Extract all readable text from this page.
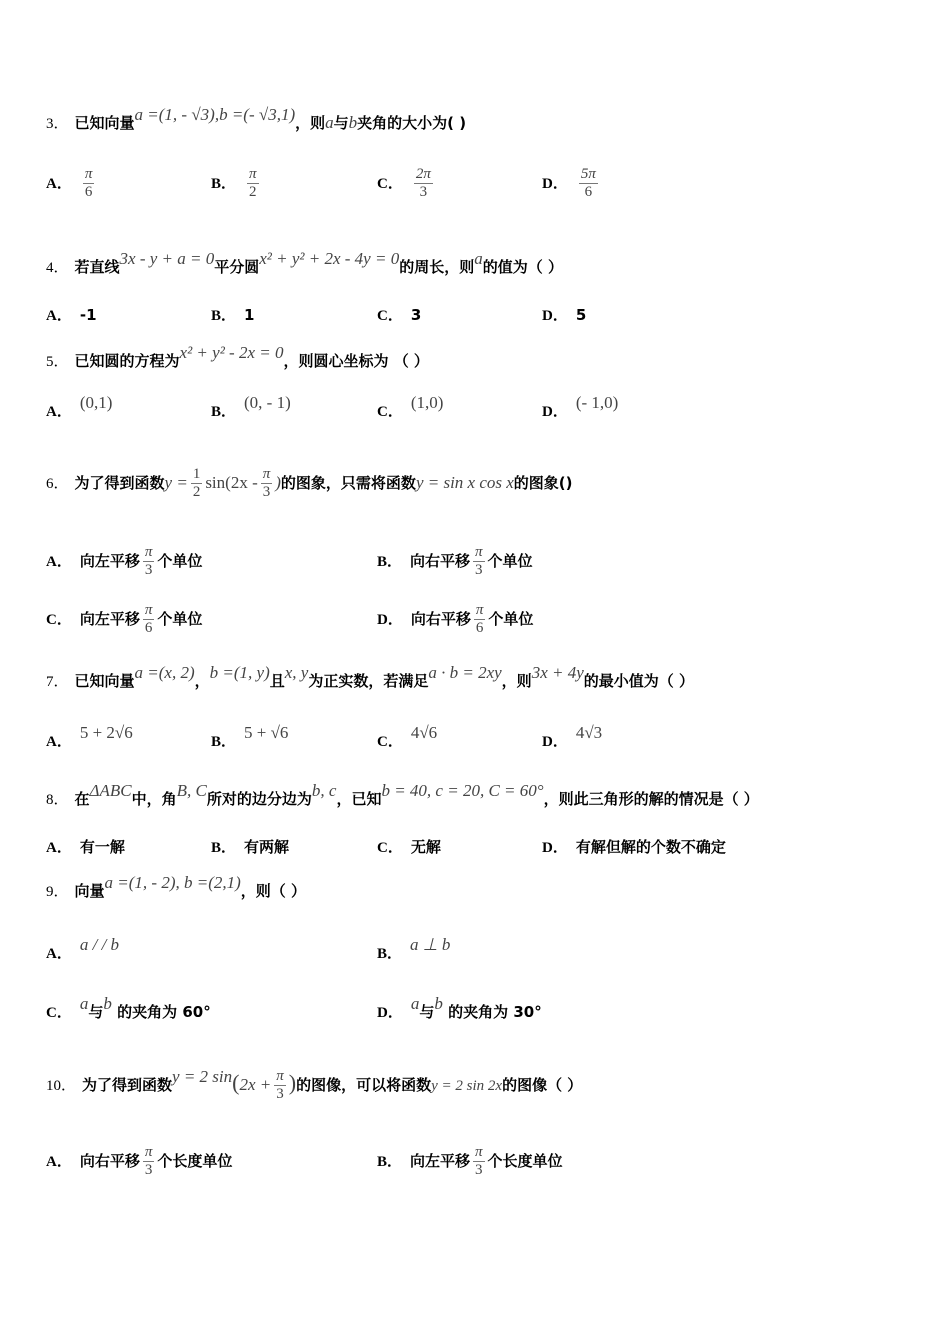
3． 已知向量a =(1, - √3),b =(- √3,1)，则a与b夹角的大小为( )
A． $\frac{\pi}{6}$	B． $\frac{\pi}{2}$	C． $\frac{2\pi}{3}$	D． $\frac{5\pi}{6}$
4． 若直线3x - y + a = 0平分圆x² + y² + 2x - 4y = 0的周长，则a的值为（ ）
A． -1	B． 1	C． 3	D． 5
5． 已知圆的方程为x² + y² - 2x = 0，则圆心坐标为 （ ）
A． (0,1)	B． (0, - 1)	C． (1,0)	D． (- 1,0)
6． 为了得到函数$y = \frac{1}{2} \sin(2x - \frac{\pi}{3}$ )的图象，只需将函数y = sin x cos x的图象()
A． 向左平移 $\frac{\pi}{3}$ 个单位	B． 向右平移 $\frac{\pi}{3}$ 个单位
C． 向左平移 $\frac{\pi}{6}$ 个单位	D． 向右平移 $\frac{\pi}{6}$ 个单位
7． 已知向量a =(x, 2)，b =(1, y)且x, y为正实数，若满足a · b = 2xy，则3x + 4y的最小值为（ ）
A． 5 + 2√6	B． 5 + √6	C． 4√6	D． 4√3
8． 在ΔABC中，角B, C所对的边分边为b, c，已知b = 40, c = 20, C = 60°，则此三角形的解的情况是（ ）
A． 有一解	B． 有两解	C． 无解	D． 有解但解的个数不确定
9． 向量a =(1, - 2), b =(2,1)，则（ ）
A． a / / b	B． a ⊥ b
C． a与b 的夹角为 60°	D． a与b 的夹角为 30°
10． 为了得到函数y = 2 $\sin(2x + \frac{\pi}{3}$ )的图像，可以将函数y = 2 sin 2x的图像（ ）
A． 向右平移 $\frac{\pi}{3}$ 个长度单位	B． 向左平移 $\frac{\pi}{3}$ 个长度单位
